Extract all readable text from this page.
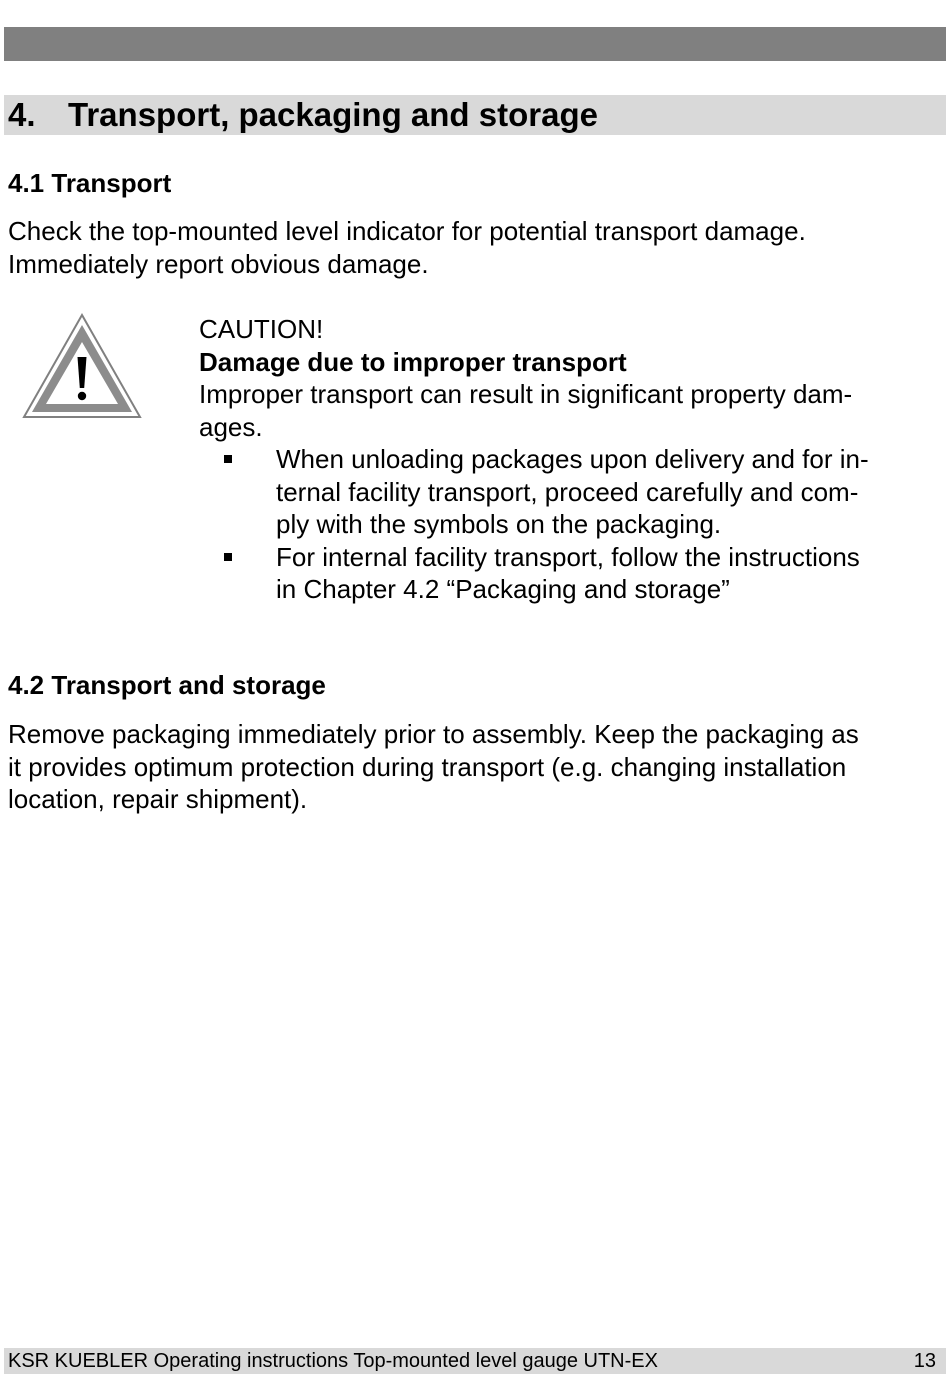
4. Transport, packaging and storage
4.1 Transport
Check the top-mounted level indicator for potential transport damage.
Immediately report obvious damage.
CAUTION!
Damage due to improper transport
Improper transport can result in significant property dam-
ages.
When unloading packages upon delivery and for in-
ternal facility transport, proceed carefully and com-
ply with the symbols on the packaging.
For internal facility transport, follow the instructions
in Chapter 4.2 “Packaging and storage”
4.2 Transport and storage
Remove packaging immediately prior to assembly. Keep the packaging as
it provides optimum protection during transport (e.g. changing installation
location, repair shipment).
KSR KUEBLER Operating instructions Top-mounted level gauge UTN-EX	13
